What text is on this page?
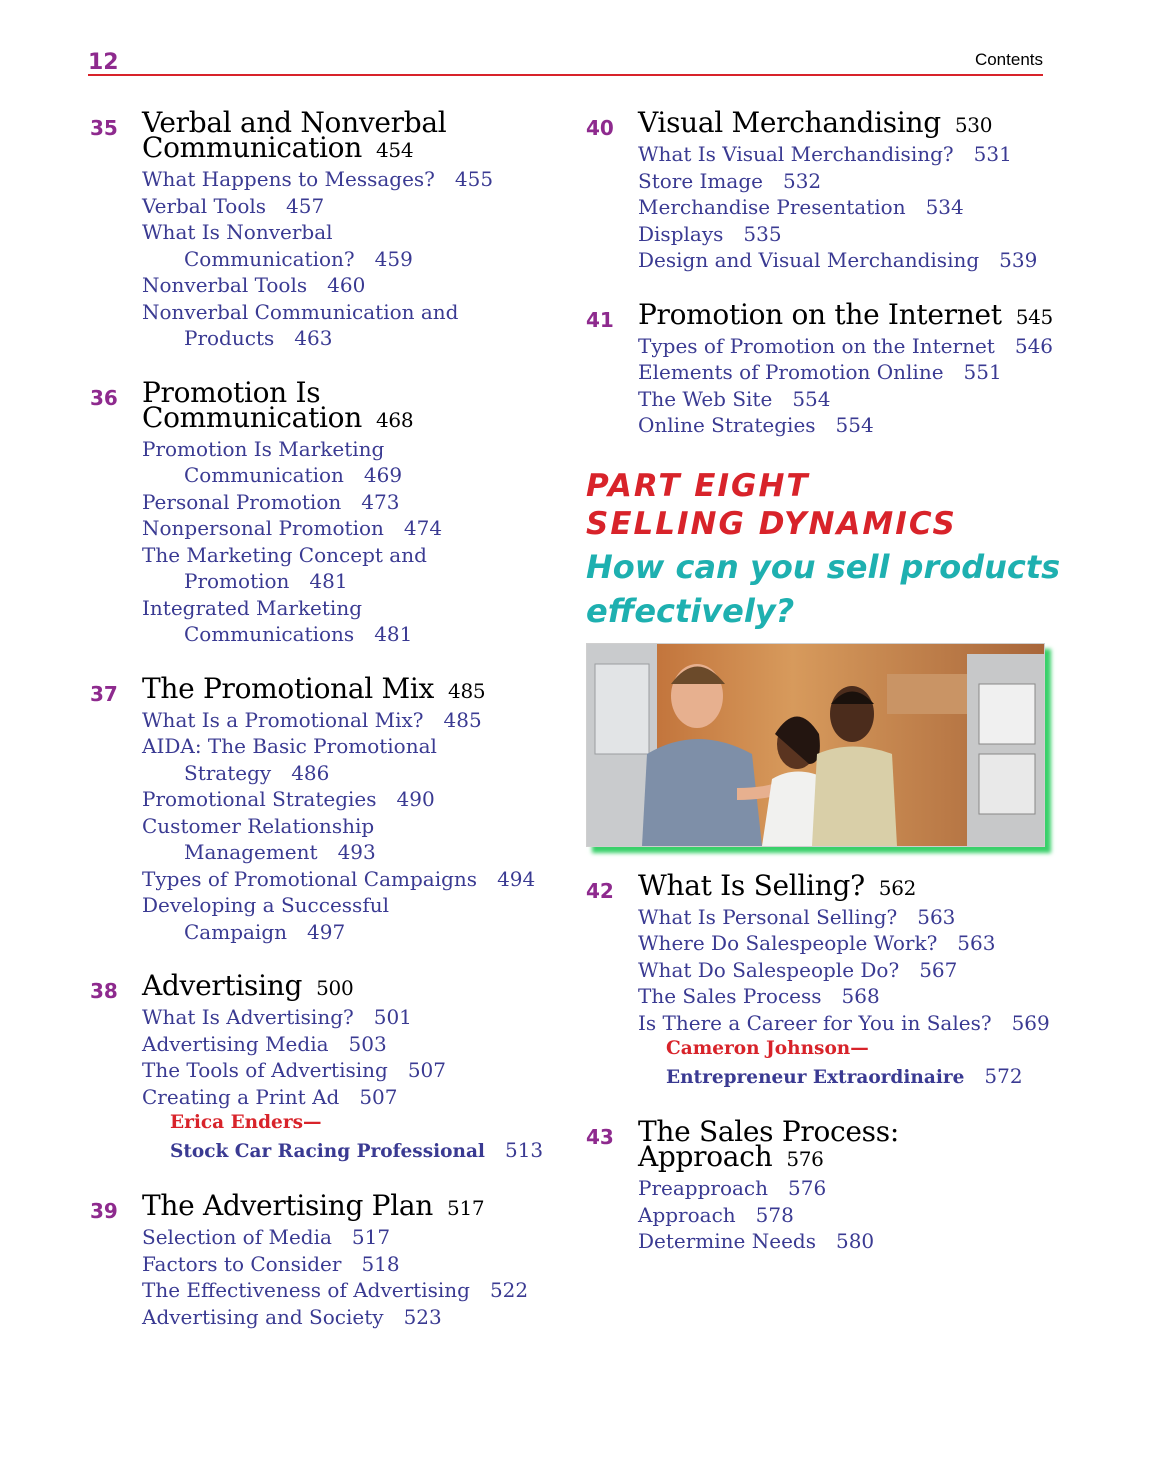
12	Contents
35 Verbal and Nonverbal
Communication 454
What Happens to Messages? 455
Verbal Tools 457
What Is Nonverbal
Communication? 459
Nonverbal Tools 460
Nonverbal Communication and
Products 463
36 Promotion Is
Communication 468
Promotion Is Marketing
Communication 469
Personal Promotion 473
Nonpersonal Promotion 474
The Marketing Concept and
Promotion 481
Integrated Marketing
Communications 481
37 The Promotional Mix 485
What Is a Promotional Mix? 485
AIDA: The Basic Promotional
Strategy 486
Promotional Strategies 490
Customer Relationship
Management 493
Types of Promotional Campaigns 494
Developing a Successful
Campaign 497
38 Advertising 500
What Is Advertising? 501
Advertising Media 503
The Tools of Advertising 507
Creating a Print Ad 507
Erica Enders—
Stock Car Racing Professional 513
39 The Advertising Plan 517
Selection of Media 517
Factors to Consider 518
The Effectiveness of Advertising 522
Advertising and Society 523
40 Visual Merchandising 530
What Is Visual Merchandising? 531
Store Image 532
Merchandise Presentation 534
Displays 535
Design and Visual Merchandising 539
41 Promotion on the Internet 545
Types of Promotion on the Internet 546
Elements of Promotion Online 551
The Web Site 554
Online Strategies 554
PART EIGHT
SELLING DYNAMICS
How can you sell products
effectively?
42 What Is Selling? 562
What Is Personal Selling? 563
Where Do Salespeople Work? 563
What Do Salespeople Do? 567
The Sales Process 568
Is There a Career for You in Sales? 569
Cameron Johnson—
Entrepreneur Extraordinaire 572
43 The Sales Process:
Approach 576
Preapproach 576
Approach 578
Determine Needs 580
